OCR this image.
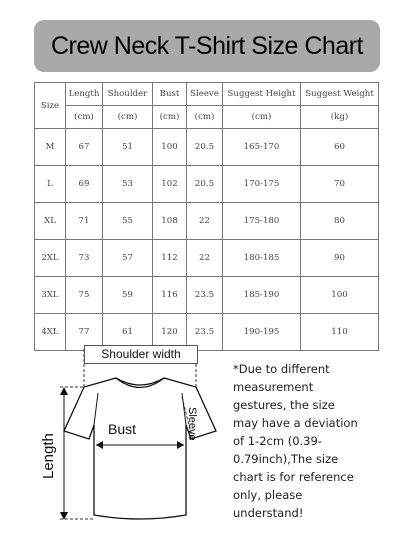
Crew Neck T-Shirt Size Chart
Size	Length	Shoulder	Bust	Sleeve	Suggest Height	Suggest Weight
	(cm)	(cm)	(cm)	(cm)	(cm)	(kg)
M	67	51	100	20.5	165-170	60
L	69	53	102	20.5	170-175	70
XL	71	55	108	22	175-180	80
2XL	73	57	112	22	180-185	90
3XL	75	59	116	23.5	185-190	100
4XL	77	61	120	23.5	190-195	110
Shoulder width
Bust	Sleeve
Length
*Due to different measurement gestures, the size may have a deviation of 1-2cm (0.39-0.79inch),The size chart is for reference only, please understand!
